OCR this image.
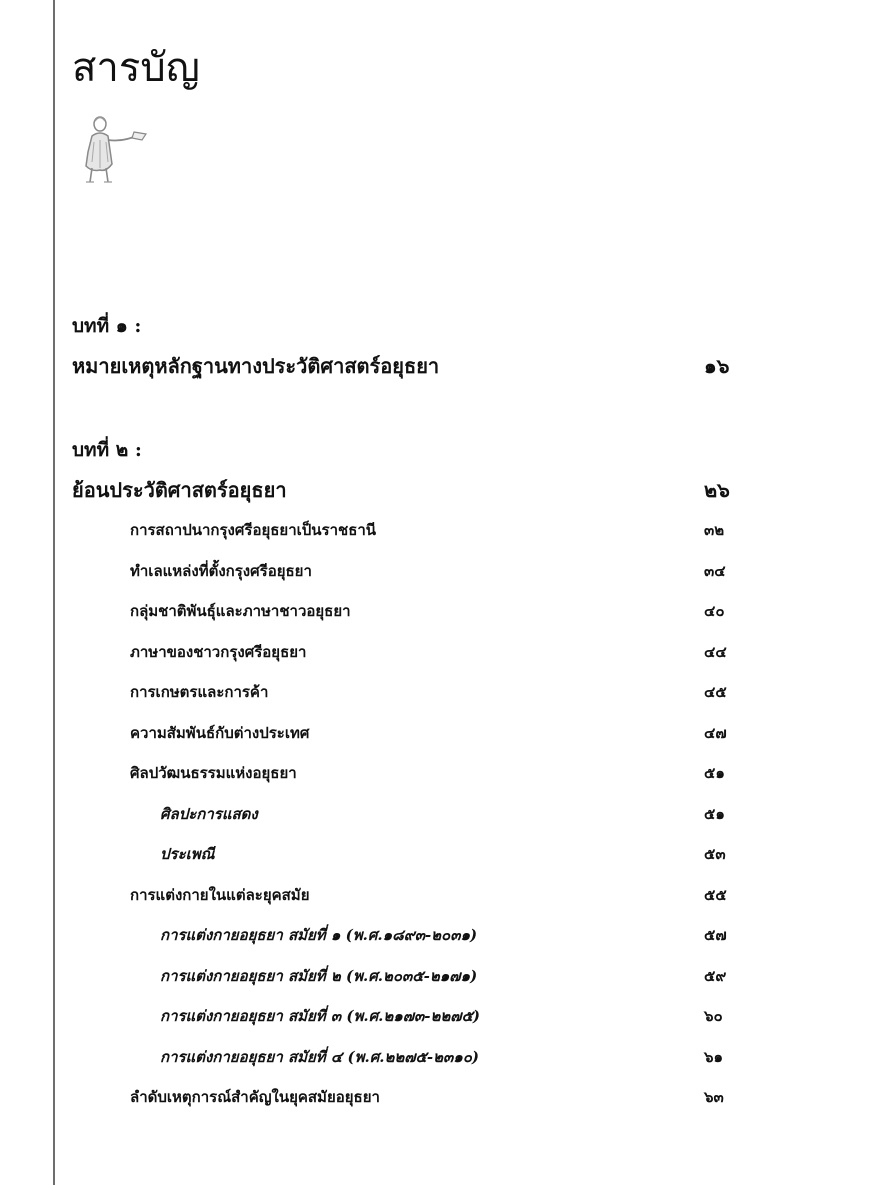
สารบัญ
บทที่ ๑ :
หมายเหตุหลักฐานทางประวัติศาสตร์อยุธยา	๑๖
บทที่ ๒ :
ย้อนประวัติศาสตร์อยุธยา	๒๖
การสถาปนากรุงศรีอยุธยาเป็นราชธานี	๓๒
ทำเลแหล่งที่ตั้งกรุงศรีอยุธยา	๓๔
กลุ่มชาติพันธุ์และภาษาชาวอยุธยา	๔๐
ภาษาของชาวกรุงศรีอยุธยา	๔๔
การเกษตรและการค้า	๔๕
ความสัมพันธ์กับต่างประเทศ	๔๗
ศิลปวัฒนธรรมแห่งอยุธยา	๕๑
ศิลปะการแสดง	๕๑
ประเพณี	๕๓
การแต่งกายในแต่ละยุคสมัย	๕๕
การแต่งกายอยุธยา สมัยที่ ๑ (พ.ศ.๑๘๙๓-๒๐๓๑)	๕๗
การแต่งกายอยุธยา สมัยที่ ๒ (พ.ศ.๒๐๓๕-๒๑๗๑)	๕๙
การแต่งกายอยุธยา สมัยที่ ๓ (พ.ศ.๒๑๗๓-๒๒๗๕)	๖๐
การแต่งกายอยุธยา สมัยที่ ๔ (พ.ศ.๒๒๗๕-๒๓๑๐)	๖๑
ลำดับเหตุการณ์สำคัญในยุคสมัยอยุธยา	๖๓
